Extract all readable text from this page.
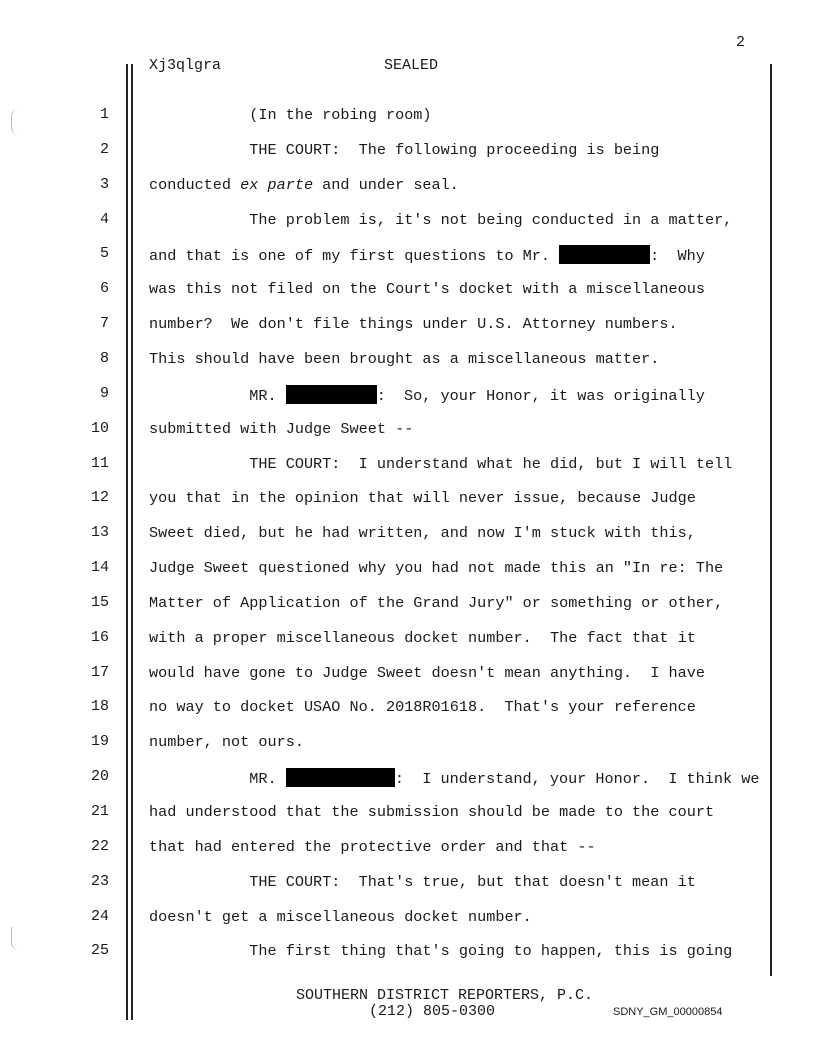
2
Xj3qlgra	SEALED
1	(In the robing room)
2	THE COURT:  The following proceeding is being
3	conducted ex parte and under seal.
4	The problem is, it's not being conducted in a matter,
5	and that is one of my first questions to Mr.	:  Why
6	was this not filed on the Court's docket with a miscellaneous
7	number?  We don't file things under U.S. Attorney numbers.
8	This should have been brought as a miscellaneous matter.
9	MR.	:  So, your Honor, it was originally
10	submitted with Judge Sweet --
11	THE COURT:  I understand what he did, but I will tell
12	you that in the opinion that will never issue, because Judge
13	Sweet died, but he had written, and now I'm stuck with this,
14	Judge Sweet questioned why you had not made this an "In re: The
15	Matter of Application of the Grand Jury" or something or other,
16	with a proper miscellaneous docket number.  The fact that it
17	would have gone to Judge Sweet doesn't mean anything.  I have
18	no way to docket USAO No. 2018R01618.  That's your reference
19	number, not ours.
20	MR.	:  I understand, your Honor.  I think we
21	had understood that the submission should be made to the court
22	that had entered the protective order and that --
23	THE COURT:  That's true, but that doesn't mean it
24	doesn't get a miscellaneous docket number.
25	The first thing that's going to happen, this is going
SOUTHERN DISTRICT REPORTERS, P.C.
(212) 805-0300	SDNY_GM_00000854
